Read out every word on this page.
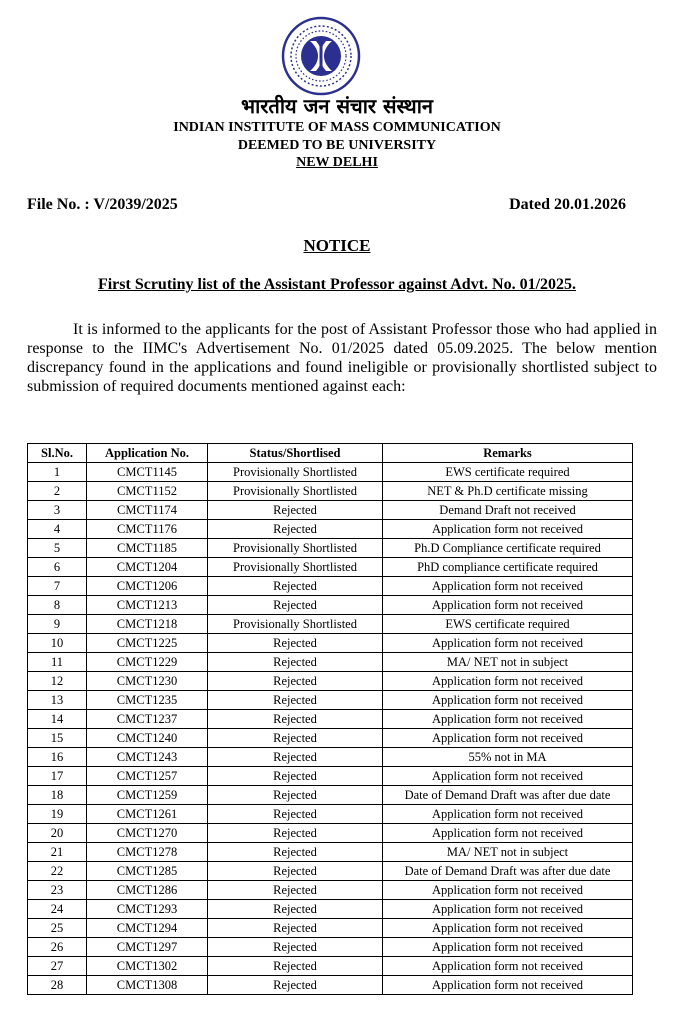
भारतीय जन संचार संस्थान
INDIAN INSTITUTE OF MASS COMMUNICATION
DEEMED TO BE UNIVERSITY
NEW DELHI
File No. : V/2039/2025	Dated 20.01.2026
NOTICE
First Scrutiny list of the Assistant Professor against Advt. No. 01/2025.
It is informed to the applicants for the post of Assistant Professor those who had applied in response to the IIMC's Advertisement No. 01/2025 dated 05.09.2025. The below mention discrepancy found in the applications and found ineligible or provisionally shortlisted subject to submission of required documents mentioned against each:
Sl.No.	Application No.	Status/Shortlised	Remarks
1	CMCT1145	Provisionally Shortlisted	EWS certificate required
2	CMCT1152	Provisionally Shortlisted	NET & Ph.D certificate missing
3	CMCT1174	Rejected	Demand Draft not received
4	CMCT1176	Rejected	Application form not received
5	CMCT1185	Provisionally Shortlisted	Ph.D Compliance certificate required
6	CMCT1204	Provisionally Shortlisted	PhD compliance certificate required
7	CMCT1206	Rejected	Application form not received
8	CMCT1213	Rejected	Application form not received
9	CMCT1218	Provisionally Shortlisted	EWS certificate required
10	CMCT1225	Rejected	Application form not received
11	CMCT1229	Rejected	MA/ NET not in subject
12	CMCT1230	Rejected	Application form not received
13	CMCT1235	Rejected	Application form not received
14	CMCT1237	Rejected	Application form not received
15	CMCT1240	Rejected	Application form not received
16	CMCT1243	Rejected	55% not in MA
17	CMCT1257	Rejected	Application form not received
18	CMCT1259	Rejected	Date of Demand Draft was after due date
19	CMCT1261	Rejected	Application form not received
20	CMCT1270	Rejected	Application form not received
21	CMCT1278	Rejected	MA/ NET not in subject
22	CMCT1285	Rejected	Date of Demand Draft was after due date
23	CMCT1286	Rejected	Application form not received
24	CMCT1293	Rejected	Application form not received
25	CMCT1294	Rejected	Application form not received
26	CMCT1297	Rejected	Application form not received
27	CMCT1302	Rejected	Application form not received
28	CMCT1308	Rejected	Application form not received
